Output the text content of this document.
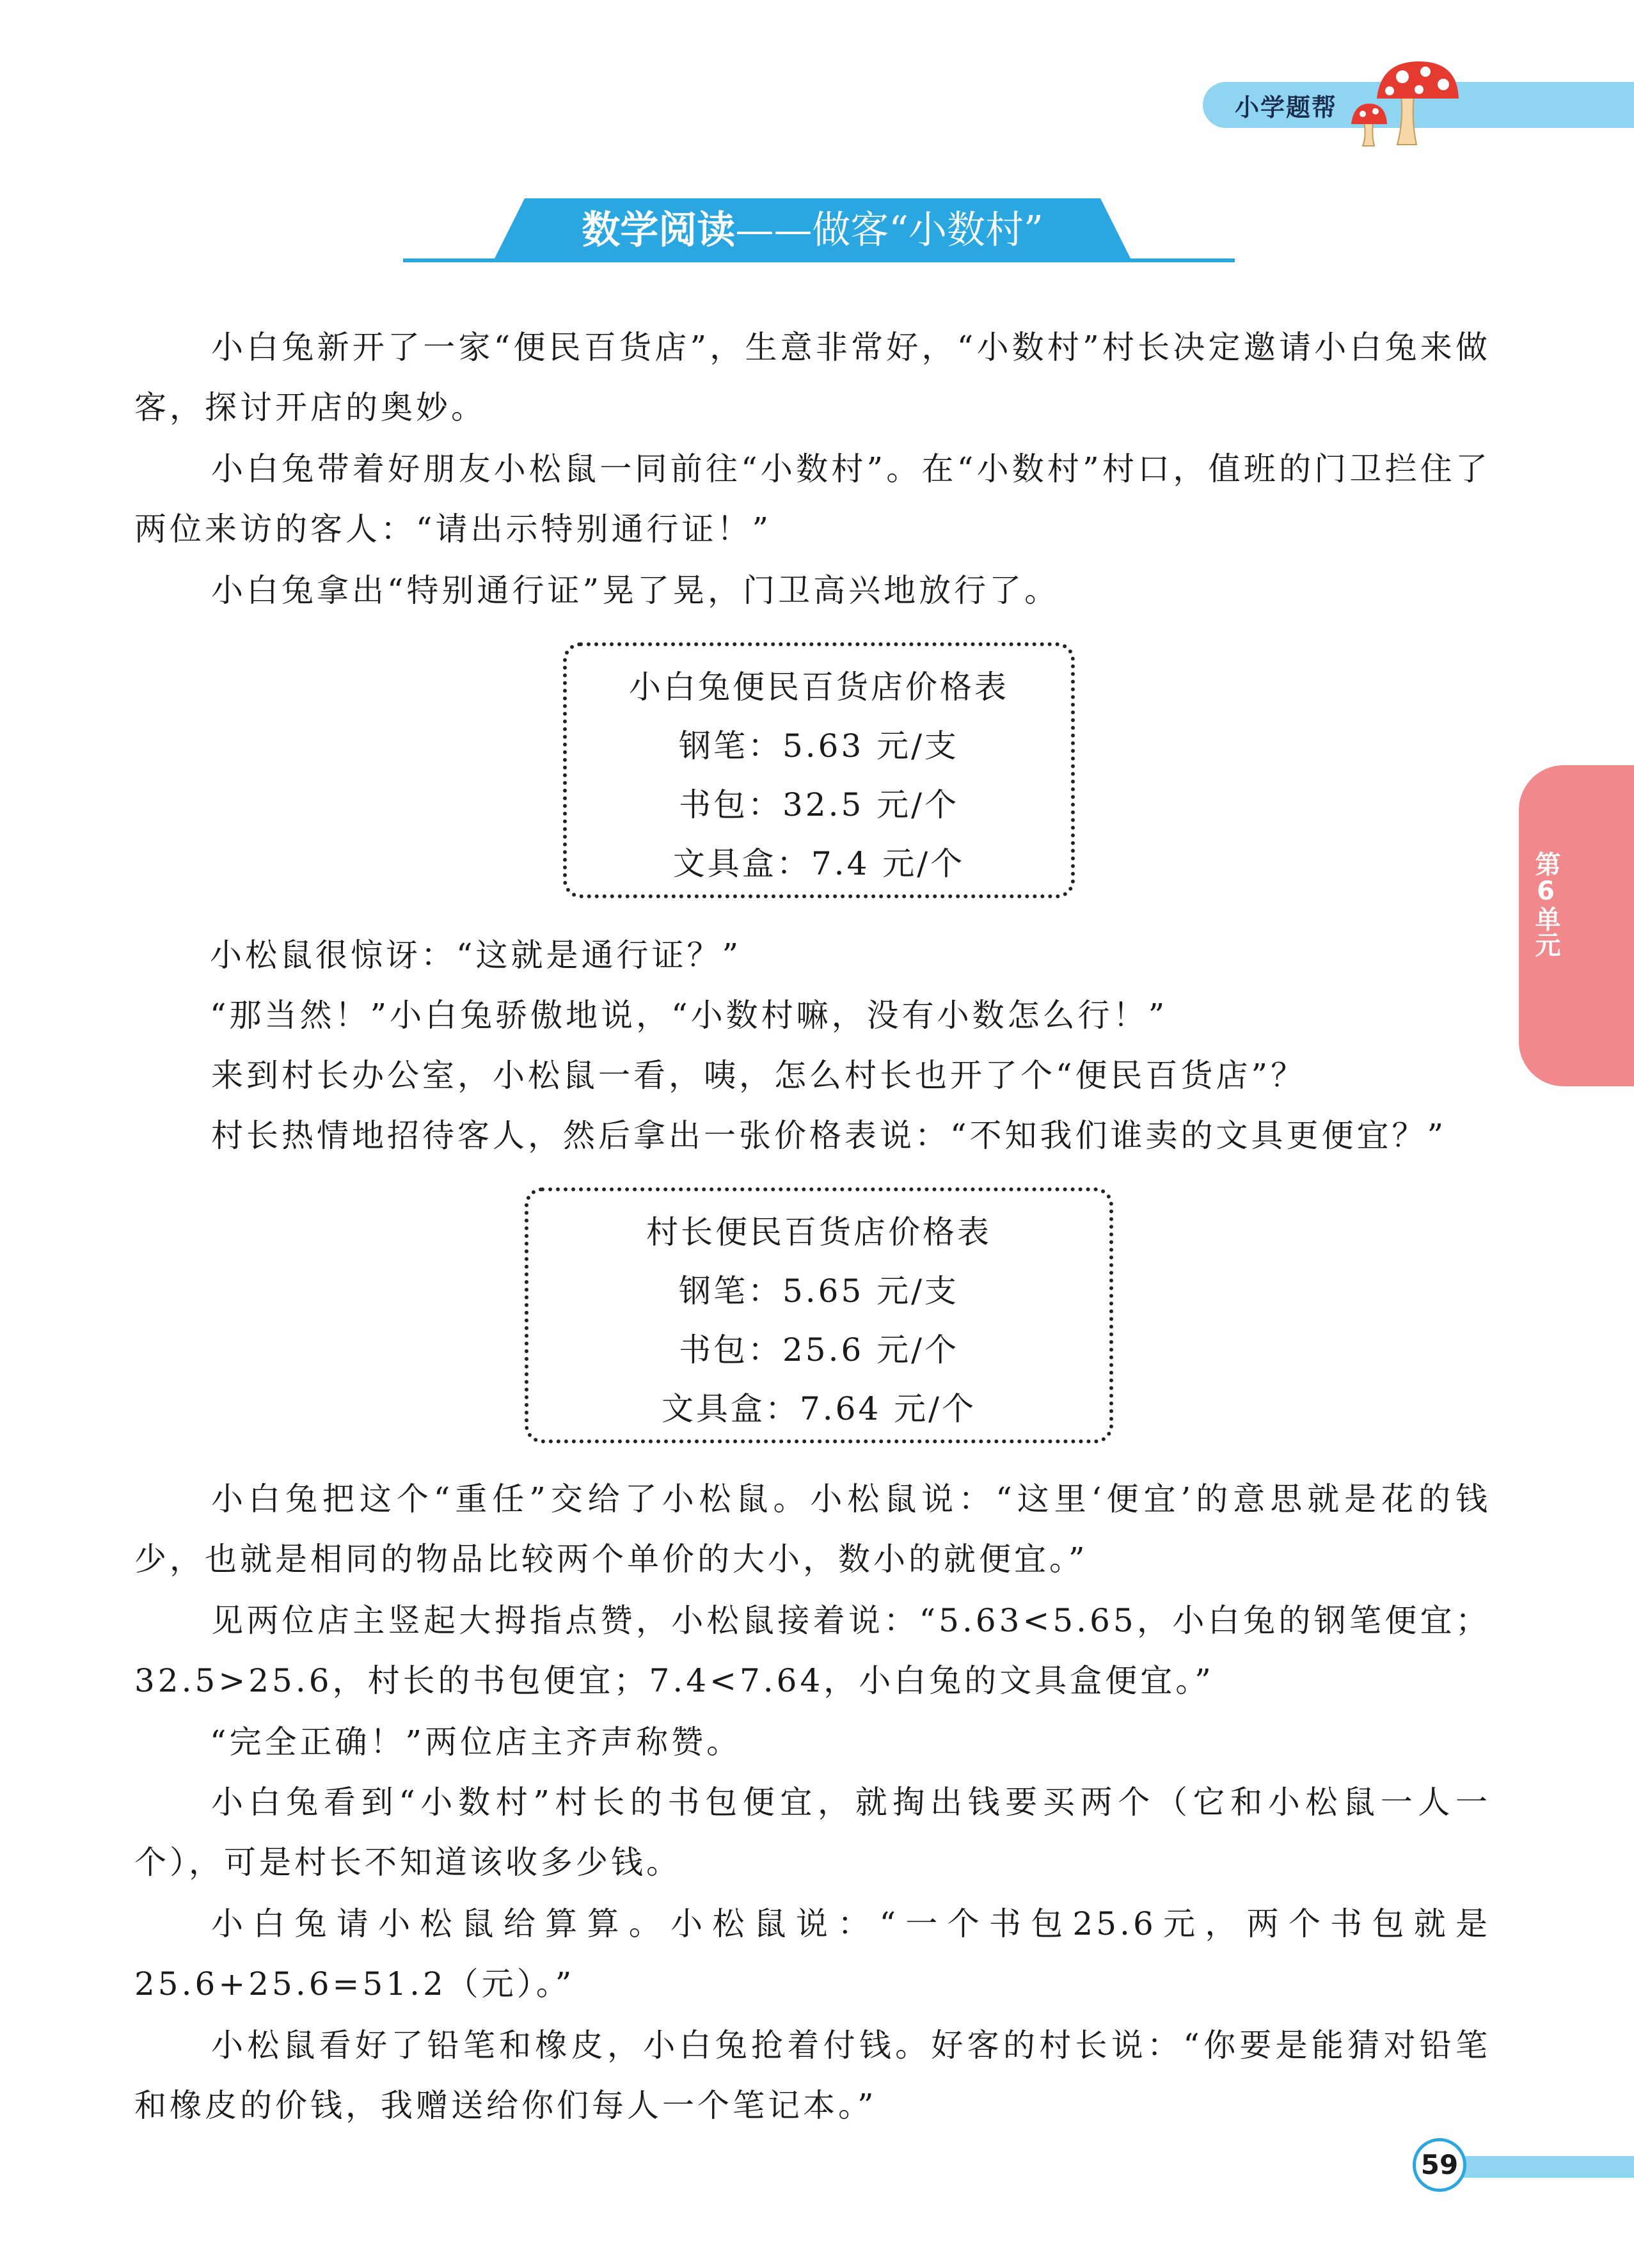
小学题帮
数学阅读——做客“小数村”

小白兔新开了一家“便民百货店”，生意非常好，“小数村”村长决定邀请小白兔来做客，探讨开店的奥妙。

小白兔带着好朋友小松鼠一同前往“小数村”。在“小数村”村口，值班的门卫拦住了两位来访的客人：“请出示特别通行证！”

小白兔拿出“特别通行证”晃了晃，门卫高兴地放行了。

小白兔便民百货店价格表
钢笔：5.63 元/支
书包：32.5 元/个
文具盒：7.4 元/个

小松鼠很惊讶：“这就是通行证？”

“那当然！”小白兔骄傲地说，“小数村嘛，没有小数怎么行！”

来到村长办公室，小松鼠一看，咦，怎么村长也开了个“便民百货店”？

村长热情地招待客人，然后拿出一张价格表说：“不知我们谁卖的文具更便宜？”

村长便民百货店价格表
钢笔：5.65 元/支
书包：25.6 元/个
文具盒：7.64 元/个

小白兔把这个“重任”交给了小松鼠。小松鼠说：“这里‘便宜’的意思就是花的钱少，也就是相同的物品比较两个单价的大小，数小的就便宜。”

见两位店主竖起大拇指点赞，小松鼠接着说：“5.63<5.65，小白兔的钢笔便宜；32.5>25.6，村长的书包便宜；7.4<7.64，小白兔的文具盒便宜。”

“完全正确！”两位店主齐声称赞。

小白兔看到“小数村”村长的书包便宜，就掏出钱要买两个（它和小松鼠一人一个），可是村长不知道该收多少钱。

小白兔请小松鼠给算算。小松鼠说：“一个书包25.6元，两个书包就是25.6+25.6=51.2（元）。”

小松鼠看好了铅笔和橡皮，小白兔抢着付钱。好客的村长说：“你要是能猜对铅笔和橡皮的价钱，我赠送给你们每人一个笔记本。”

第6单元
59
